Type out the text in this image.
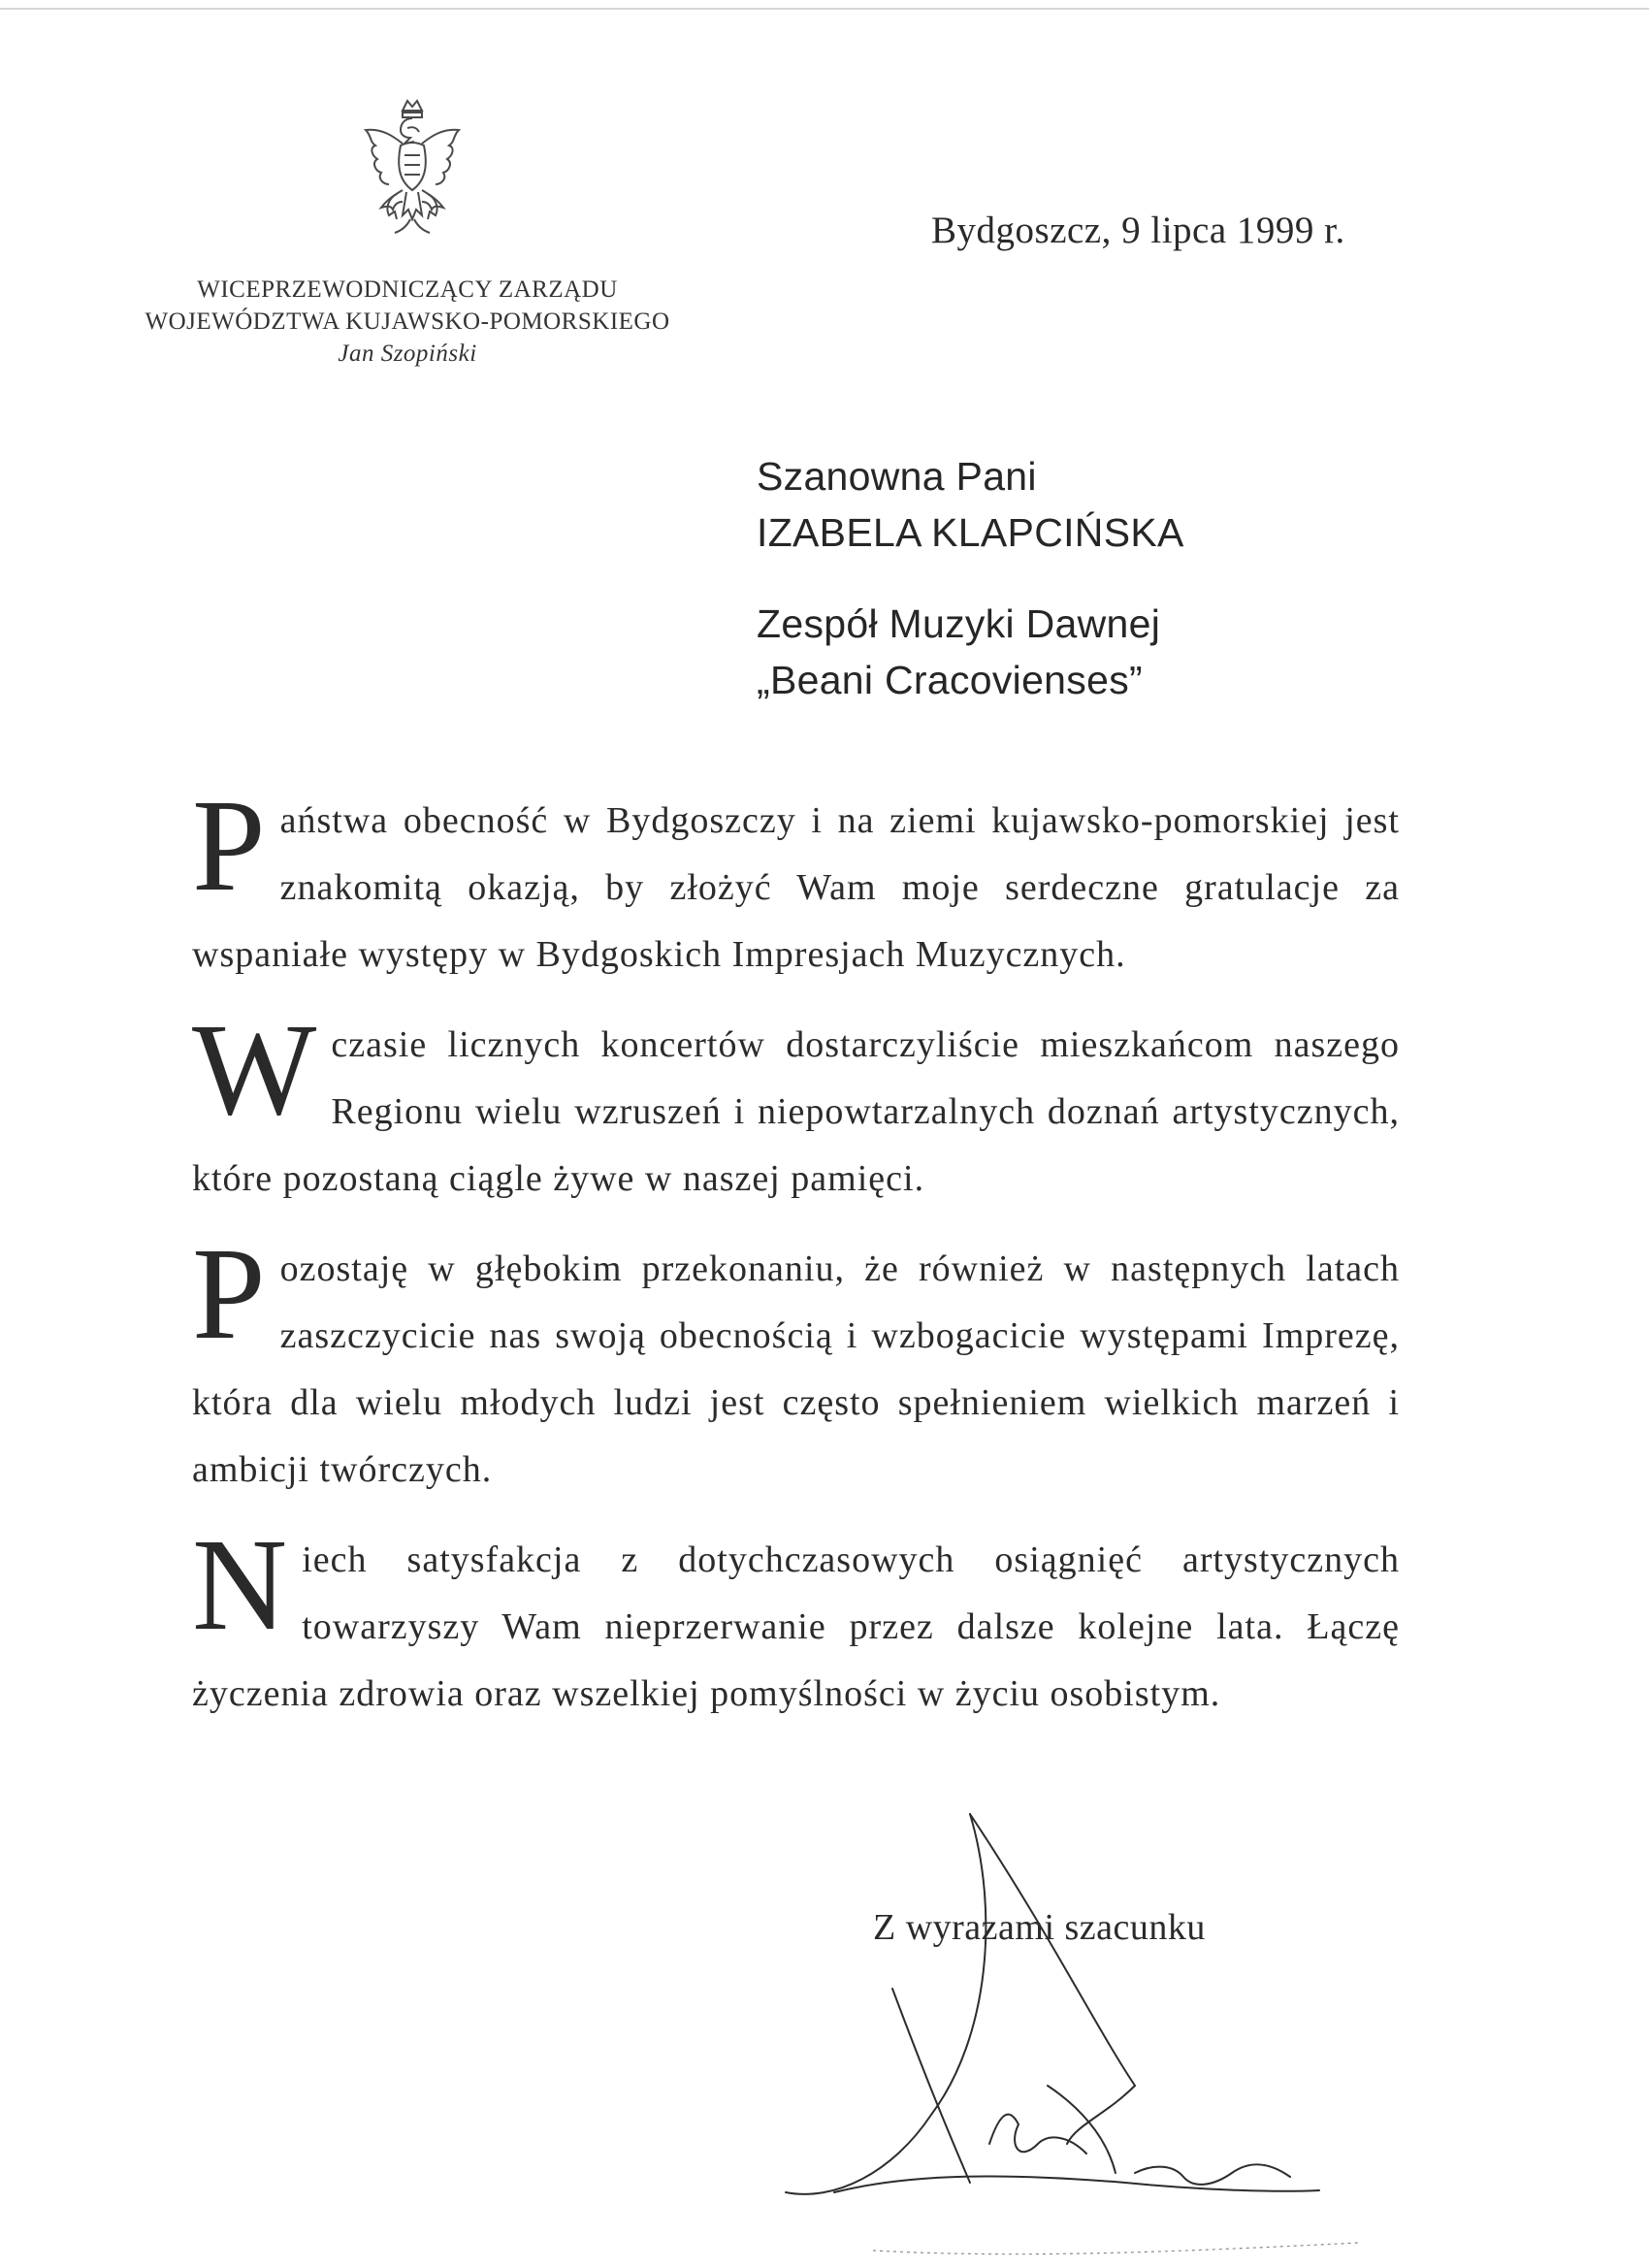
WICEPRZEWODNICZĄCY ZARZĄDU
WOJEWÓDZTWA KUJAWSKO-POMORSKIEGO
Jan Szopiński
Bydgoszcz, 9 lipca 1999 r.
Szanowna Pani
IZABELA KLAPCIŃSKA
Zespół Muzyki Dawnej
„Beani Cracovienses”
P aństwa obecność w Bydgoszczy i na ziemi kujawsko-pomorskiej jest znakomitą okazją, by złożyć Wam moje serdeczne gratulacje za wspaniałe występy w Bydgoskich Impresjach Muzycznych.
W czasie licznych koncertów dostarczyliście mieszkańcom naszego Regionu wielu wzruszeń i niepowtarzalnych doznań artystycznych, które pozostaną ciągle żywe w naszej pamięci.
P ozostaję w głębokim przekonaniu, że również w następnych latach zaszczycicie nas swoją obecnością i wzbogacicie występami Imprezę, która dla wielu młodych ludzi jest często spełnieniem wielkich marzeń i ambicji twórczych.
N iech satysfakcja z dotychczasowych osiągnięć artystycznych towarzyszy Wam nieprzerwanie przez dalsze kolejne lata. Łączę życzenia zdrowia oraz wszelkiej pomyślności w życiu osobistym.
Z wyrazami szacunku
